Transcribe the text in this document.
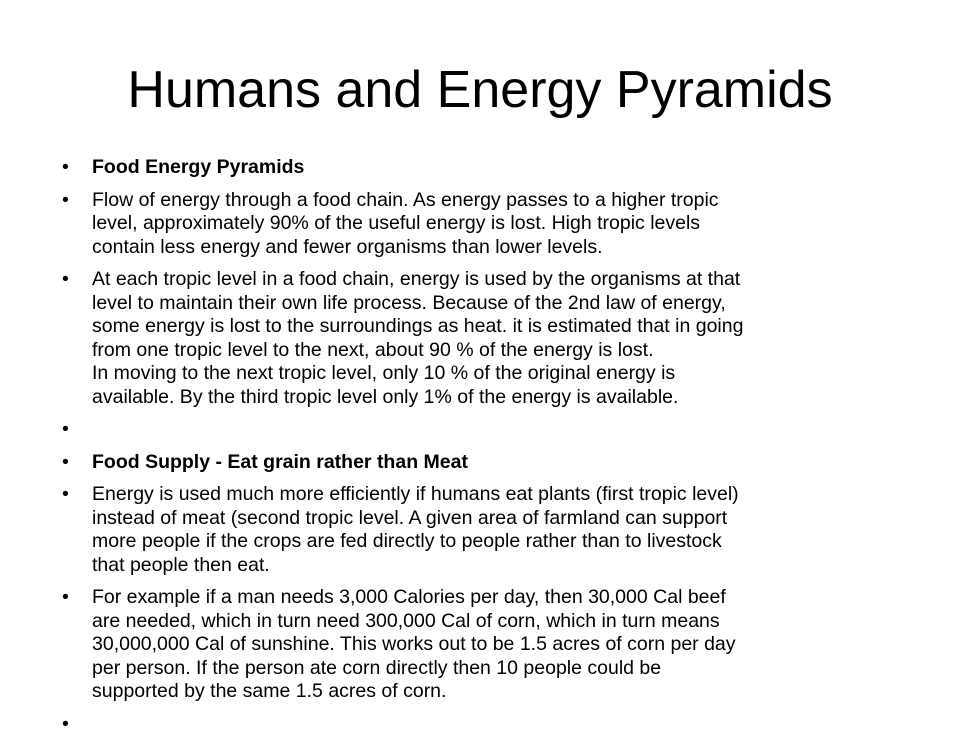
Humans and Energy Pyramids
• Food Energy Pyramids
• Flow of energy through a food chain. As energy passes to a higher tropic
level, approximately 90% of the useful energy is lost. High tropic levels
contain less energy and fewer organisms than lower levels.
• At each tropic level in a food chain, energy is used by the organisms at that
level to maintain their own life process. Because of the 2nd law of energy,
some energy is lost to the surroundings as heat. it is estimated that in going
from one tropic level to the next, about 90 % of the energy is lost.
In moving to the next tropic level, only 10 % of the original energy is
available. By the third tropic level only 1% of the energy is available.
•
• Food Supply - Eat grain rather than Meat
• Energy is used much more efficiently if humans eat plants (first tropic level)
instead of meat (second tropic level. A given area of farmland can support
more people if the crops are fed directly to people rather than to livestock
that people then eat.
• For example if a man needs 3,000 Calories per day, then 30,000 Cal beef
are needed, which in turn need 300,000 Cal of corn, which in turn means
30,000,000 Cal of sunshine. This works out to be 1.5 acres of corn per day
per person. If the person ate corn directly then 10 people could be
supported by the same 1.5 acres of corn.
•
